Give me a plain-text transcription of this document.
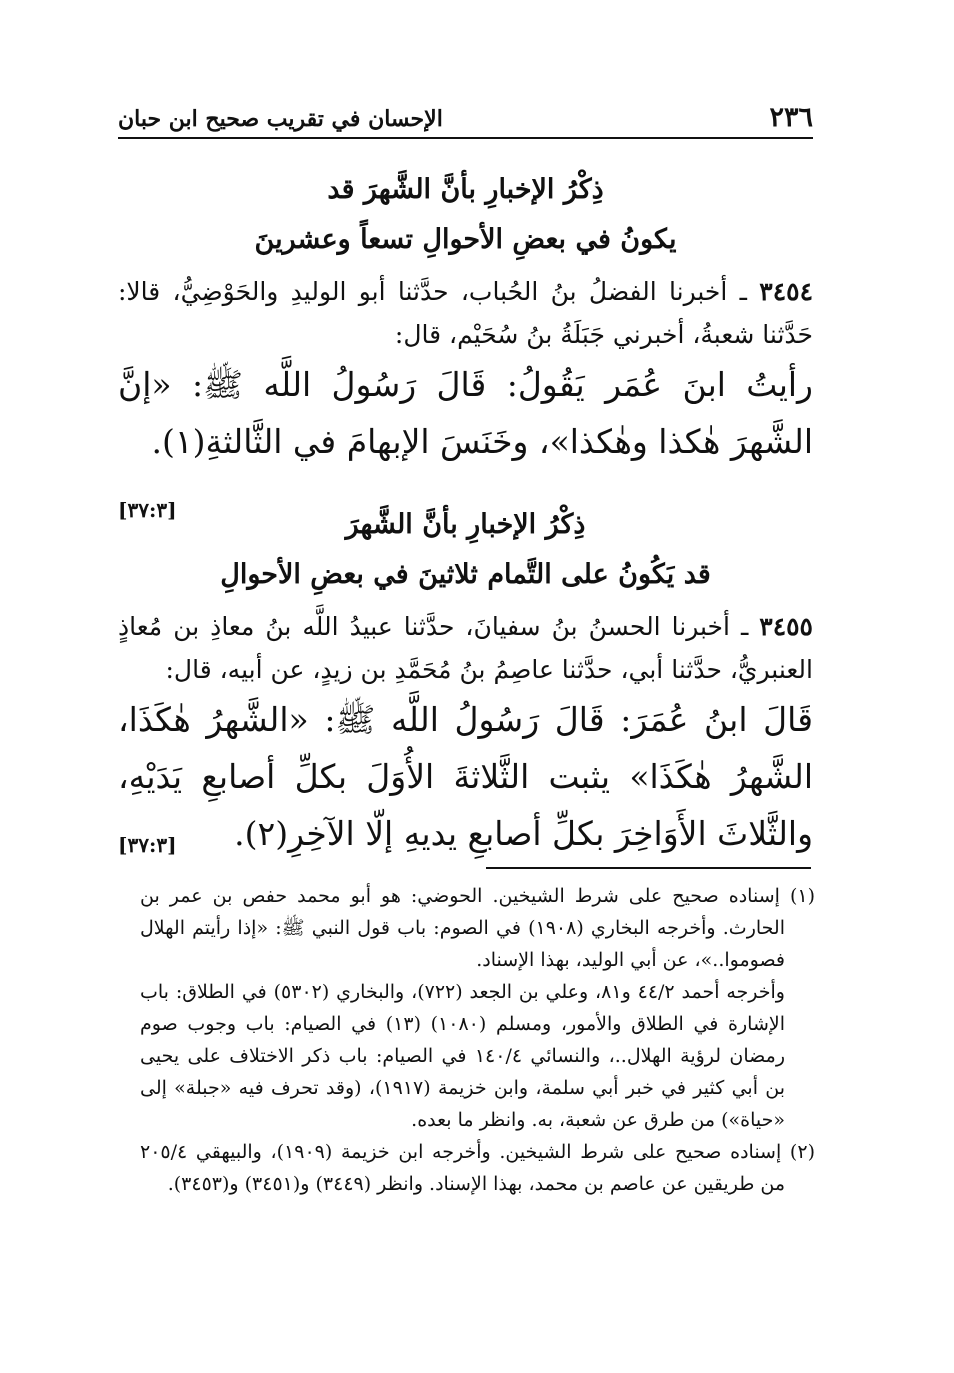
٢٣٦
الإحسان في تقريب صحيح ابن حبان
ذِكْرُ الإخبارِ بأنَّ الشَّهرَ قد
يكونُ في بعضِ الأحوالِ تسعاً وعشرينَ

٣٤٥٤ ـ أخبرنا الفضلُ بنُ الحُباب، حدَّثنا أبو الوليدِ والحَوْضِيُّ، قالا: حَدَّثنا شعبةُ، أخبرني جَبَلَةُ بنُ سُحَيْم، قال:

رأيتُ ابنَ عُمَر يَقُولُ: قَالَ رَسُولُ اللَّه ﷺ: «إنَّ الشَّهرَ هٰكذا وهٰكذا»، وخَنَسَ الإبهامَ في الثَّالثةِ(١).
[٣٧:٣]	ذِكْرُ الإخبارِ بأنَّ الشَّهرَ
قد يَكُونُ على التَّمام ثلاثينَ في بعضِ الأحوالِ

٣٤٥٥ ـ أخبرنا الحسنُ بنُ سفيانَ، حدَّثنا عبيدُ اللَّه بنُ معاذِ بن مُعاذٍ العنبريُّ، حدَّثنا أبي، حدَّثنا عاصِمُ بنُ مُحَمَّدِ بن زيدٍ، عن أبيه، قال:

قَالَ ابنُ عُمَرَ: قَالَ رَسُولُ اللَّه ﷺ: «الشَّهرُ هٰكَذَا، الشَّهرُ هٰكَذَا» يثبت الثَّلاثةَ الأُوَلَ بكلِّ أصابعِ يَدَيْهِ، والثَّلاثَ الأَوَاخِرَ بكلِّ أصابعِ يديهِ إلّا الآخِرِ(٢).
[٣٧:٣]

(١) إسناده صحيح على شرط الشيخين. الحوضي: هو أبو محمد حفص بن عمر بن الحارث. وأخرجه البخاري (١٩٠٨) في الصوم: باب قول النبي ﷺ: «إذا رأيتم الهلال فصوموا..»، عن أبي الوليد، بهذا الإسناد.

وأخرجه أحمد ٤٤/٢ و٨١، وعلي بن الجعد (٧٢٢)، والبخاري (٥٣٠٢) في الطلاق: باب الإشارة في الطلاق والأمور، ومسلم (١٠٨٠) (١٣) في الصيام: باب وجوب صوم رمضان لرؤية الهلال..، والنسائي ١٤٠/٤ في الصيام: باب ذكر الاختلاف على يحيى بن أبي كثير في خبر أبي سلمة، وابن خزيمة (١٩١٧)، (وقد تحرف فيه «جبلة» إلى «حياة») من طرق عن شعبة، به. وانظر ما بعده.

(٢) إسناده صحيح على شرط الشيخين. وأخرجه ابن خزيمة (١٩٠٩)، والبيهقي ٢٠٥/٤ من طريقين عن عاصم بن محمد، بهذا الإسناد. وانظر (٣٤٤٩) و(٣٤٥١) و(٣٤٥٣).
